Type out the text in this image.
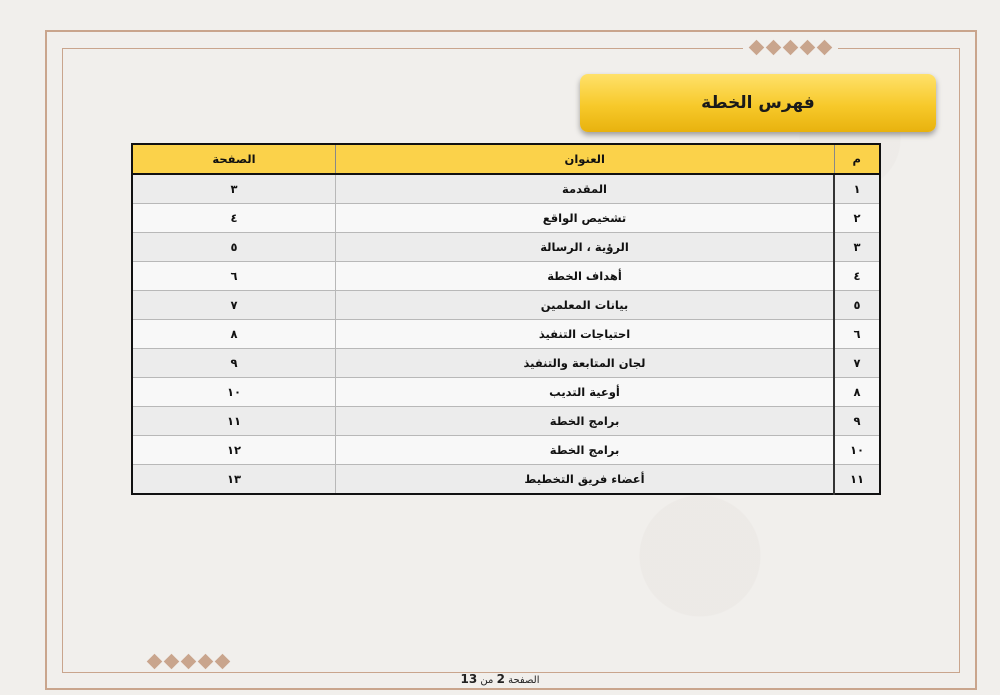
فهرس الخطة
م	العنوان	الصفحة
١	المقدمة	٣
٢	تشخيص الواقع	٤
٣	الرؤية ، الرسالة	٥
٤	أهداف الخطة	٦
٥	بيانات المعلمين	٧
٦	احتياجات التنفيذ	٨
٧	لجان المتابعة والتنفيذ	٩
٨	أوعية التديب	١٠
٩	برامج الخطة	١١
١٠	برامج الخطة	١٢
١١	أعضاء فريق التخطيط	١٣
الصفحة 2 من 13
